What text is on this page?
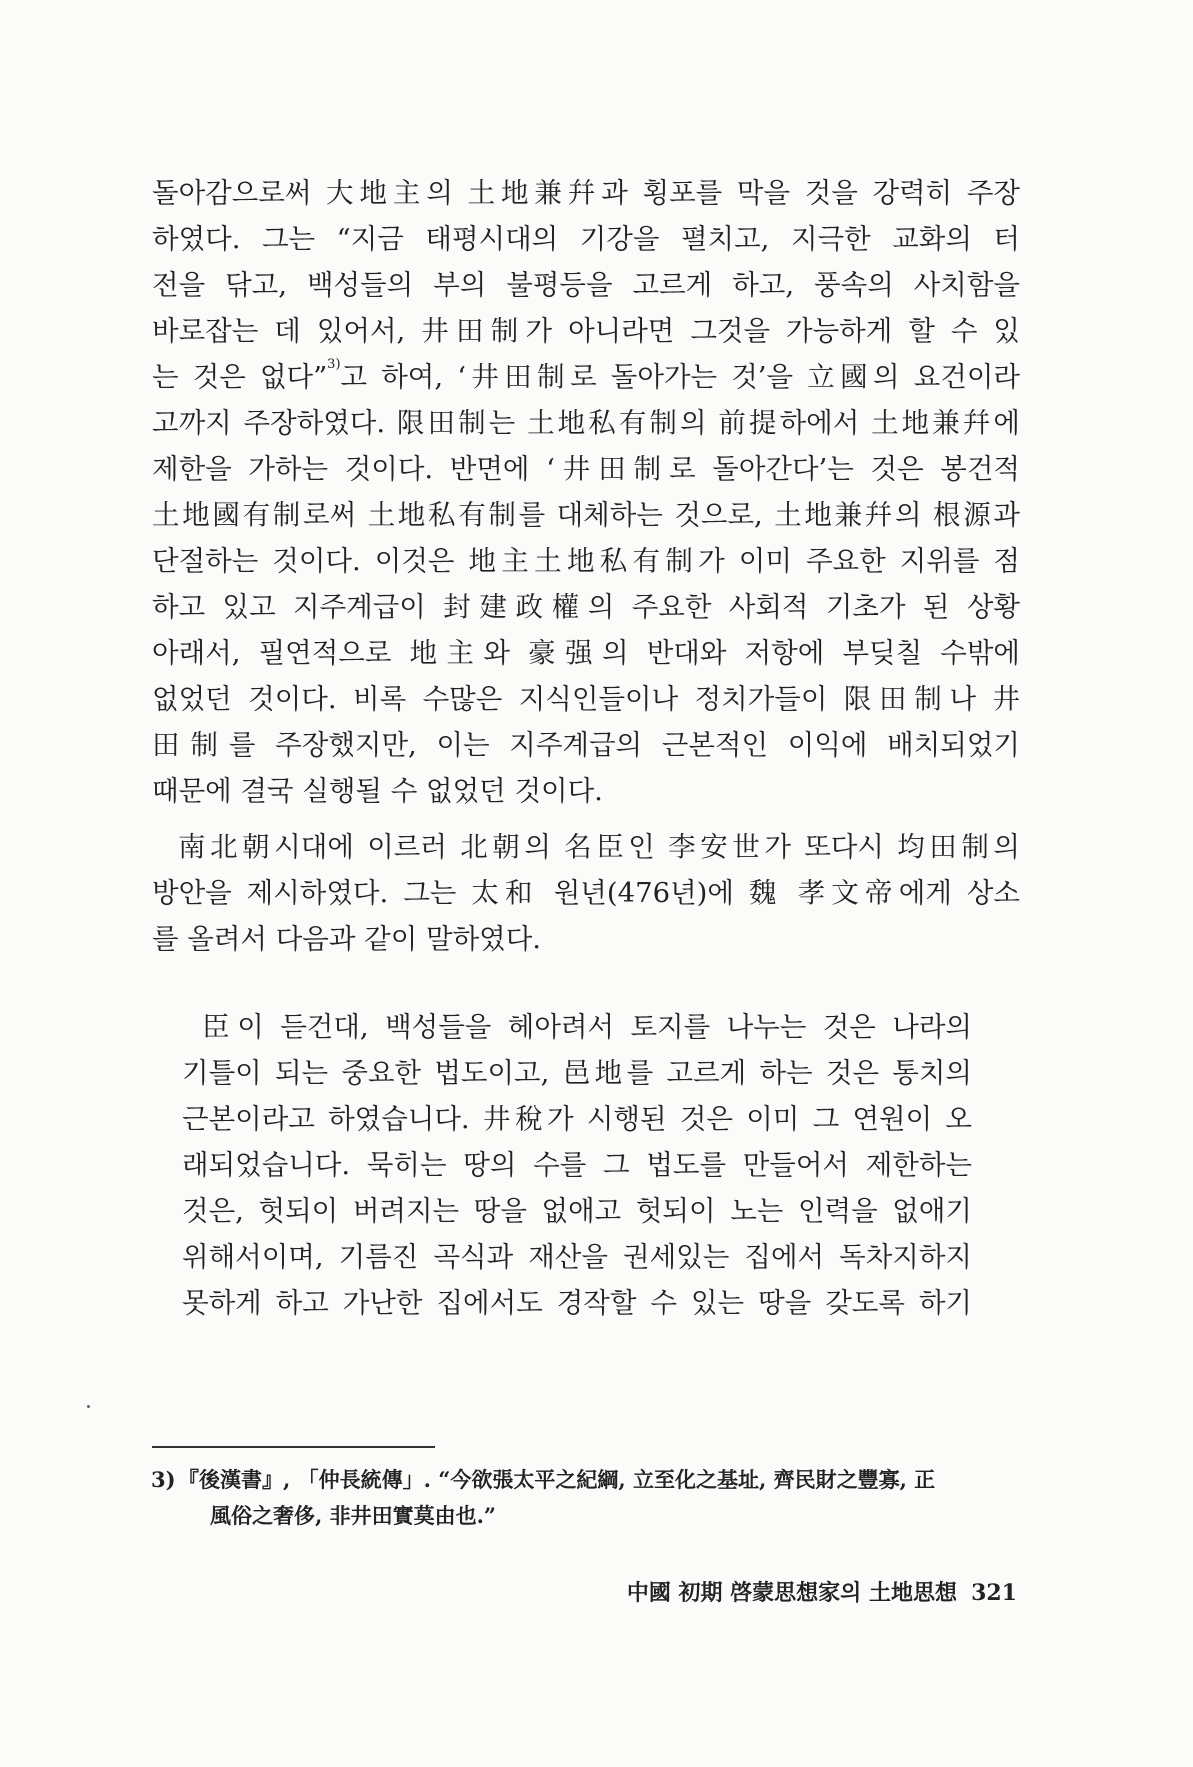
돌아감으로써 大地主의 土地兼幷과 횡포를 막을 것을 강력히 주장
하였다. 그는 “지금 태평시대의 기강을 펼치고, 지극한 교화의 터
전을 닦고, 백성들의 부의 불평등을 고르게 하고, 풍속의 사치함을
바로잡는 데 있어서, 井田制가 아니라면 그것을 가능하게 할 수 있
는 것은 없다”$^{3)}$고 하여, ‘井田制로 돌아가는 것’을 立國의 요건이라
고까지 주장하였다. 限田制는 土地私有制의 前提하에서 土地兼幷에
제한을 가하는 것이다. 반면에 ‘井田制로 돌아간다’는 것은 봉건적
土地國有制로써 土地私有制를 대체하는 것으로, 土地兼幷의 根源과
단절하는 것이다. 이것은 地主土地私有制가 이미 주요한 지위를 점
하고 있고 지주계급이 封建政權의 주요한 사회적 기초가 된 상황
아래서, 필연적으로 地主와 豪强의 반대와 저항에 부딪칠 수밖에
없었던 것이다. 비록 수많은 지식인들이나 정치가들이 限田制나 井
田制를 주장했지만, 이는 지주계급의 근본적인 이익에 배치되었기
때문에 결국 실행될 수 없었던 것이다.
南北朝시대에 이르러 北朝의 名臣인 李安世가 또다시 均田制의
방안을 제시하였다. 그는 太和 원년(476년)에 魏 孝文帝에게 상소
를 올려서 다음과 같이 말하였다.
臣이 듣건대, 백성들을 헤아려서 토지를 나누는 것은 나라의
기틀이 되는 중요한 법도이고, 邑地를 고르게 하는 것은 통치의
근본이라고 하였습니다. 井稅가 시행된 것은 이미 그 연원이 오
래되었습니다. 묵히는 땅의 수를 그 법도를 만들어서 제한하는
것은, 헛되이 버려지는 땅을 없애고 헛되이 노는 인력을 없애기
위해서이며, 기름진 곡식과 재산을 권세있는 집에서 독차지하지
못하게 하고 가난한 집에서도 경작할 수 있는 땅을 갖도록 하기
3) 『後漢書』, 「仲長統傳」. “今欲張太平之紀綱, 立至化之基址, 齊民財之豐寡, 正
風俗之奢侈, 非井田實莫由也.”
中國 初期 啓蒙思想家의 土地思想 321
